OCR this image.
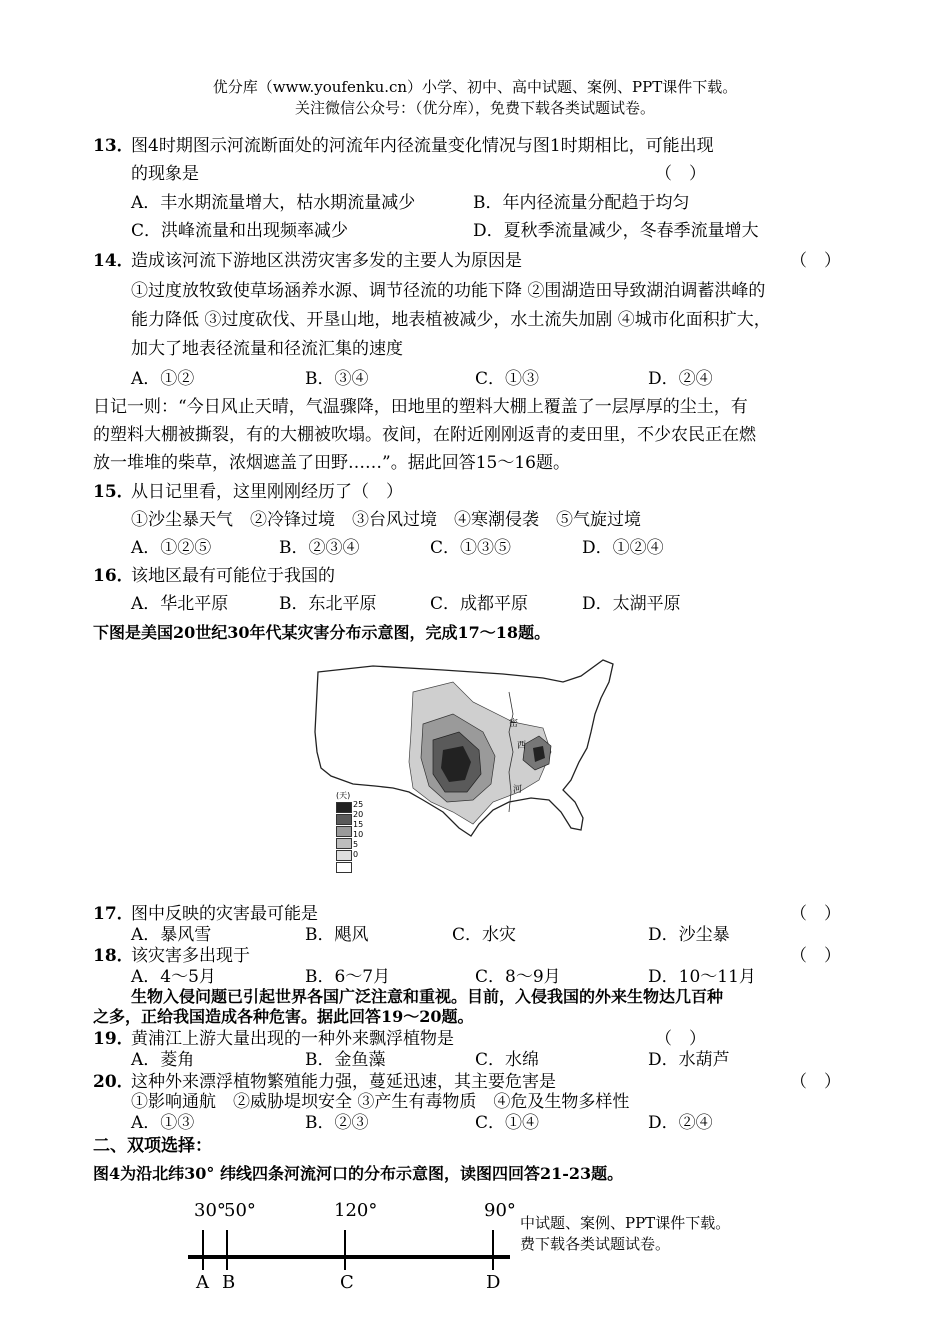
优分库（www.youfenku.cn）小学、初中、高中试题、案例、PPT课件下载。
关注微信公众号：（优分库），免费下载各类试题试卷。
13．
图4时期图示河流断面处的河流年内径流量变化情况与图1时期相比，可能出现
的现象是	（　）
A．丰水期流量增大，枯水期流量减少	B．年内径流量分配趋于均匀
C．洪峰流量和出现频率减少	D．夏秋季流量减少，冬春季流量增大
14．
造成该河流下游地区洪涝灾害多发的主要人为原因是	（　）
①过度放牧致使草场涵养水源、调节径流的功能下降 ②围湖造田导致湖泊调蓄洪峰的
能力降低 ③过度砍伐、开垦山地，地表植被减少，水土流失加剧 ④城市化面积扩大，
加大了地表径流量和径流汇集的速度
A．①②	B．③④	C．①③	D．②④
日记一则：“今日风止天晴，气温骤降，田地里的塑料大棚上覆盖了一层厚厚的尘土，有
的塑料大棚被撕裂，有的大棚被吹塌。夜间，在附近刚刚返青的麦田里，不少农民正在燃
放一堆堆的柴草，浓烟遮盖了田野……”。据此回答15～16题。
15．
从日记里看，这里刚刚经历了（　）
①沙尘暴天气　②冷锋过境　③台风过境　④寒潮侵袭　⑤气旋过境
A．①②⑤	B．②③④	C．①③⑤	D．①②④
16．
该地区最有可能位于我国的
A．华北平原	B．东北平原	C．成都平原	D．太湖平原
下图是美国20世纪30年代某灾害分布示意图，完成17～18题。
密
西
河
(天)
25
20
15
10
5
0
17．
图中反映的灾害最可能是	（　）
A．暴风雪	B．飓风	C．水灾	D．沙尘暴
18．
该灾害多出现于	（　）
A．4～5月	B．6～7月	C．8～9月	D．10～11月
生物入侵问题已引起世界各国广泛注意和重视。目前，入侵我国的外来生物达几百种
之多，正给我国造成各种危害。据此回答19～20题。
19．
黄浦江上游大量出现的一种外来飘浮植物是	（　）
A．菱角	B．金鱼藻	C．水绵	D．水葫芦
20．
这种外来漂浮植物繁殖能力强，蔓延迅速，其主要危害是	（　）
①影响通航　②威胁堤坝安全 ③产生有毒物质　④危及生物多样性
A．①③	B．②③	C．①④	D．②④
二、双项选择：
图4为沿北纬30° 纬线四条河流河口的分布示意图，读图四回答21-23题。
30°
50°	120°	90°
A B	C	D
中试题、案例、PPT课件下载。
费下载各类试题试卷。
